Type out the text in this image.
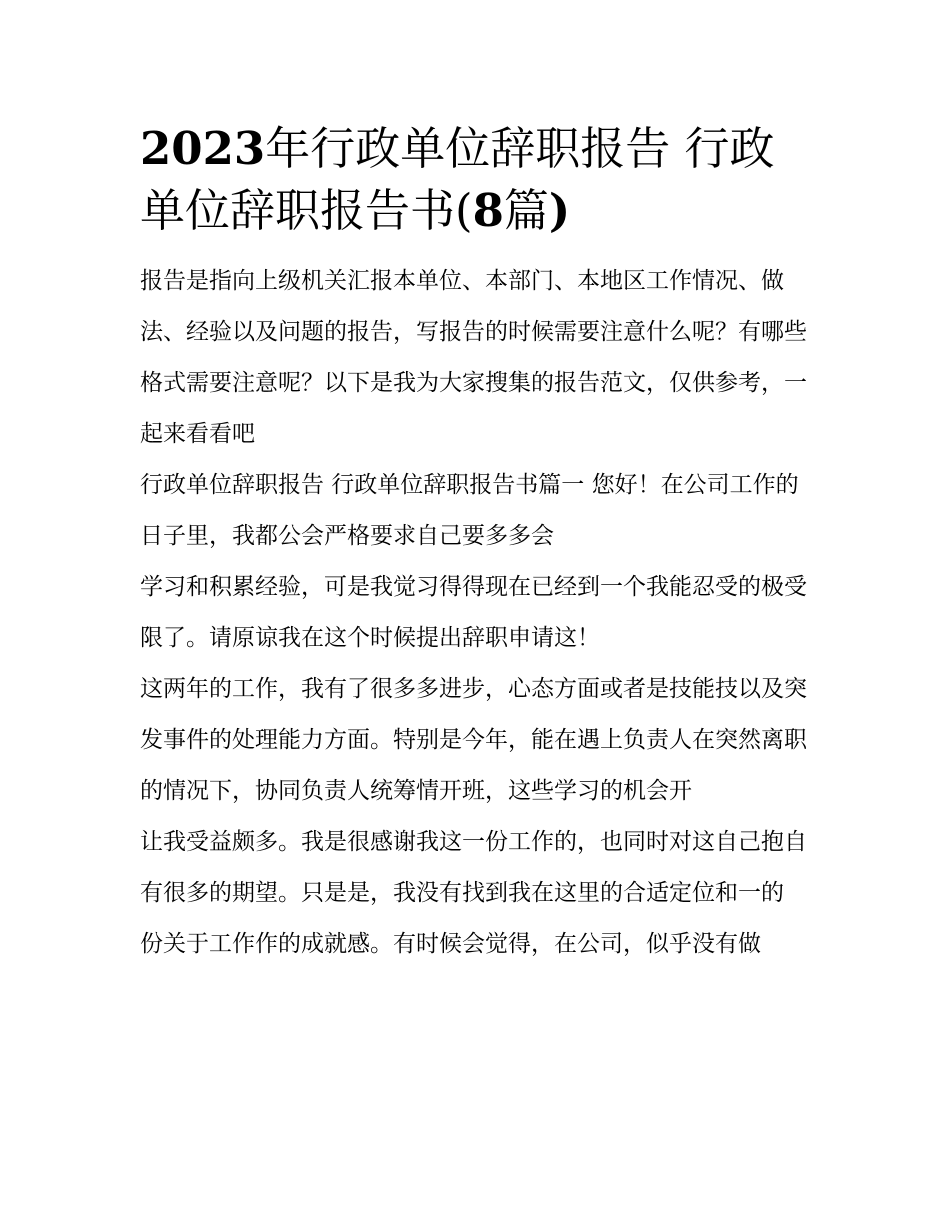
2023年行政单位辞职报告 行政单位辞职报告书(8篇)

报告是指向上级机关汇报本单位、本部门、本地区工作情况、做法、经验以及问题的报告，写报告的时候需要注意什么呢？有哪些格式需要注意呢？以下是我为大家搜集的报告范文，仅供参考，一起来看看吧

行政单位辞职报告 行政单位辞职报告书篇一 您好！在公司工作的日子里，我都公会严格要求自己要多多会

学习和积累经验，可是我觉习得得现在已经到一个我能忍受的极受限了。请原谅我在这个时候提出辞职申请这！

这两年的工作，我有了很多多进步，心态方面或者是技能技以及突发事件的处理能力方面。特别是今年，能在遇上负责人在突然离职的情况下，协同负责人统筹情开班，这些学习的机会开

让我受益颇多。我是很感谢我这一份工作的，也同时对这自己抱自有很多的期望。只是是，我没有找到我在这里的合适定位和一的

份关于工作作的成就感。有时候会觉得，在公司，似乎没有做
